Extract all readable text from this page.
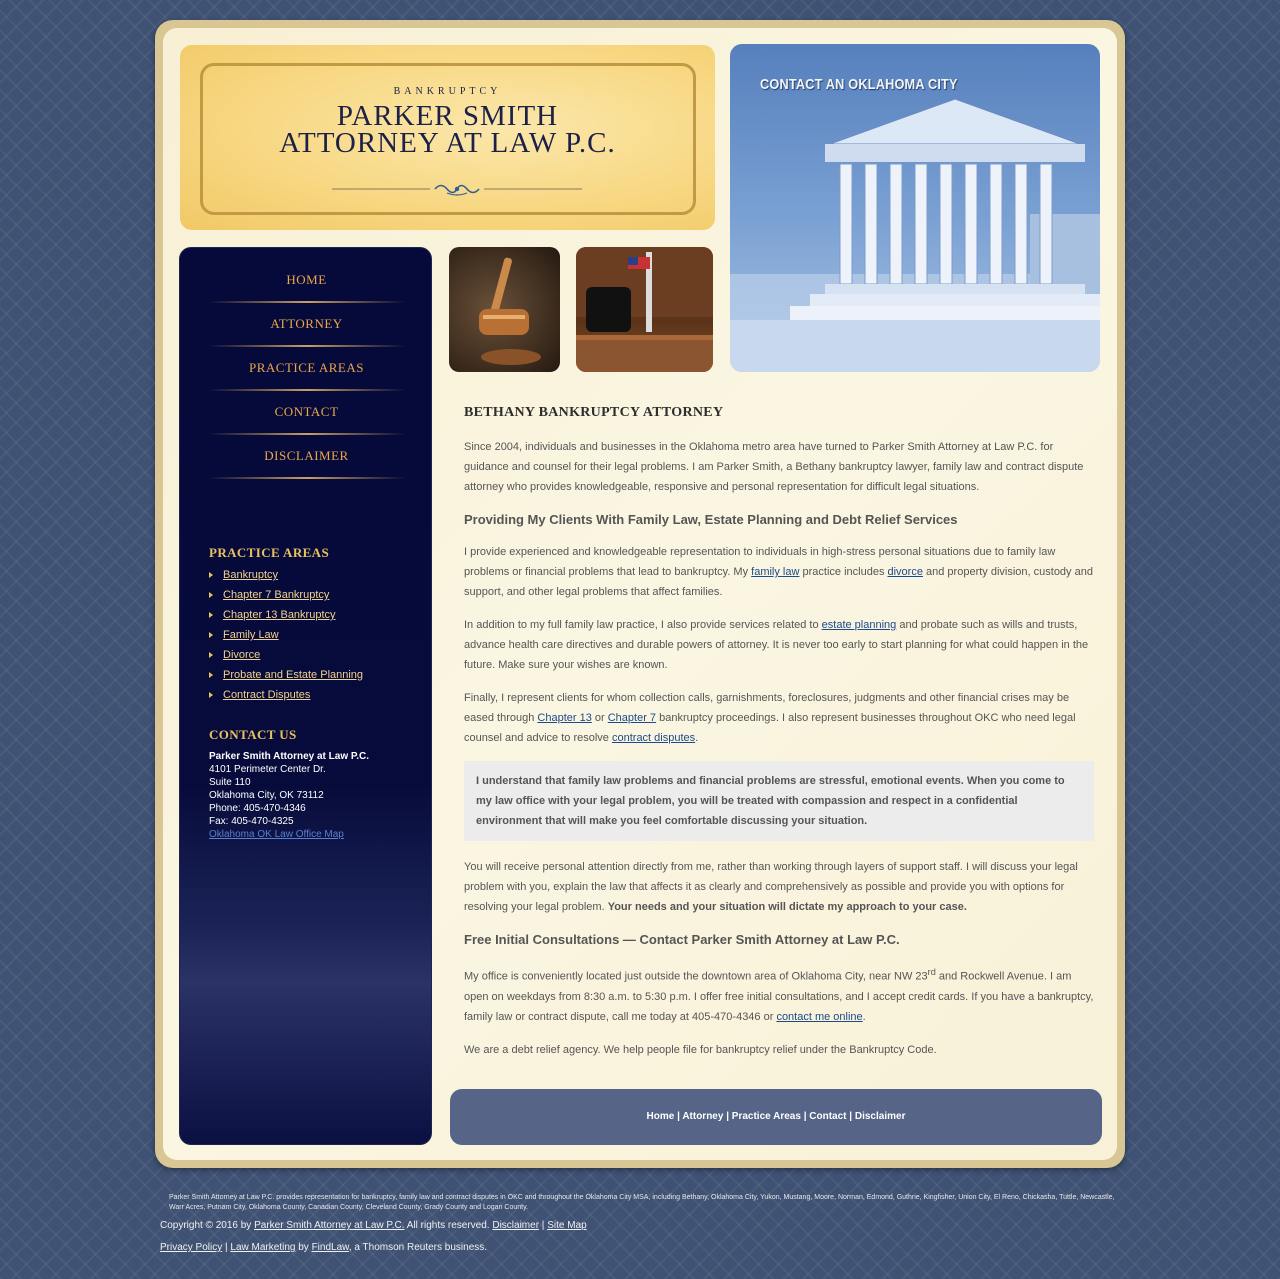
BANKRUPTCY
PARKER SMITH
ATTORNEY AT LAW P.C.
CONTACT AN OKLAHOMA CITY
HOME
ATTORNEY
PRACTICE AREAS
CONTACT
DISCLAIMER
PRACTICE AREAS
Bankruptcy
Chapter 7 Bankruptcy
Chapter 13 Bankruptcy
Family Law
Divorce
Probate and Estate Planning
Contract Disputes
CONTACT US
Parker Smith Attorney at Law P.C.
4101 Perimeter Center Dr.
Suite 110
Oklahoma City, OK 73112
Phone: 405-470-4346
Fax: 405-470-4325
Oklahoma OK Law Office Map
BETHANY BANKRUPTCY ATTORNEY

Since 2004, individuals and businesses in the Oklahoma metro area have turned to Parker Smith Attorney at Law P.C. for guidance and counsel for their legal problems. I am Parker Smith, a Bethany bankruptcy lawyer, family law and contract dispute attorney who provides knowledgeable, responsive and personal representation for difficult legal situations.

Providing My Clients With Family Law, Estate Planning and Debt Relief Services

I provide experienced and knowledgeable representation to individuals in high-stress personal situations due to family law problems or financial problems that lead to bankruptcy. My family law practice includes divorce and property division, custody and support, and other legal problems that affect families.

In addition to my full family law practice, I also provide services related to estate planning and probate such as wills and trusts, advance health care directives and durable powers of attorney. It is never too early to start planning for what could happen in the future. Make sure your wishes are known.

Finally, I represent clients for whom collection calls, garnishments, foreclosures, judgments and other financial crises may be eased through Chapter 13 or Chapter 7 bankruptcy proceedings. I also represent businesses throughout OKC who need legal counsel and advice to resolve contract disputes.

I understand that family law problems and financial problems are stressful, emotional events. When you come to my law office with your legal problem, you will be treated with compassion and respect in a confidential environment that will make you feel comfortable discussing your situation.

You will receive personal attention directly from me, rather than working through layers of support staff. I will discuss your legal problem with you, explain the law that affects it as clearly and comprehensively as possible and provide you with options for resolving your legal problem. Your needs and your situation will dictate my approach to your case.

Free Initial Consultations — Contact Parker Smith Attorney at Law P.C.

My office is conveniently located just outside the downtown area of Oklahoma City, near NW 23rd and Rockwell Avenue. I am open on weekdays from 8:30 a.m. to 5:30 p.m. I offer free initial consultations, and I accept credit cards. If you have a bankruptcy, family law or contract dispute, call me today at 405-470-4346 or contact me online.

We are a debt relief agency. We help people file for bankruptcy relief under the Bankruptcy Code.

Home | Attorney | Practice Areas | Contact | Disclaimer
Parker Smith Attorney at Law P.C. provides representation for bankruptcy, family law and contract disputes in OKC and throughout the Oklahoma City MSA, including Bethany, Oklahoma City, Yukon, Mustang, Moore, Norman, Edmond, Guthrie, Kingfisher, Union City, El Reno, Chickasha, Tuttle, Newcastle, Warr Acres, Putnam City, Oklahoma County, Canadian County, Cleveland County, Grady County and Logan County.
Copyright © 2016 by Parker Smith Attorney at Law P.C. All rights reserved. Disclaimer | Site Map
Privacy Policy | Law Marketing by FindLaw, a Thomson Reuters business.
